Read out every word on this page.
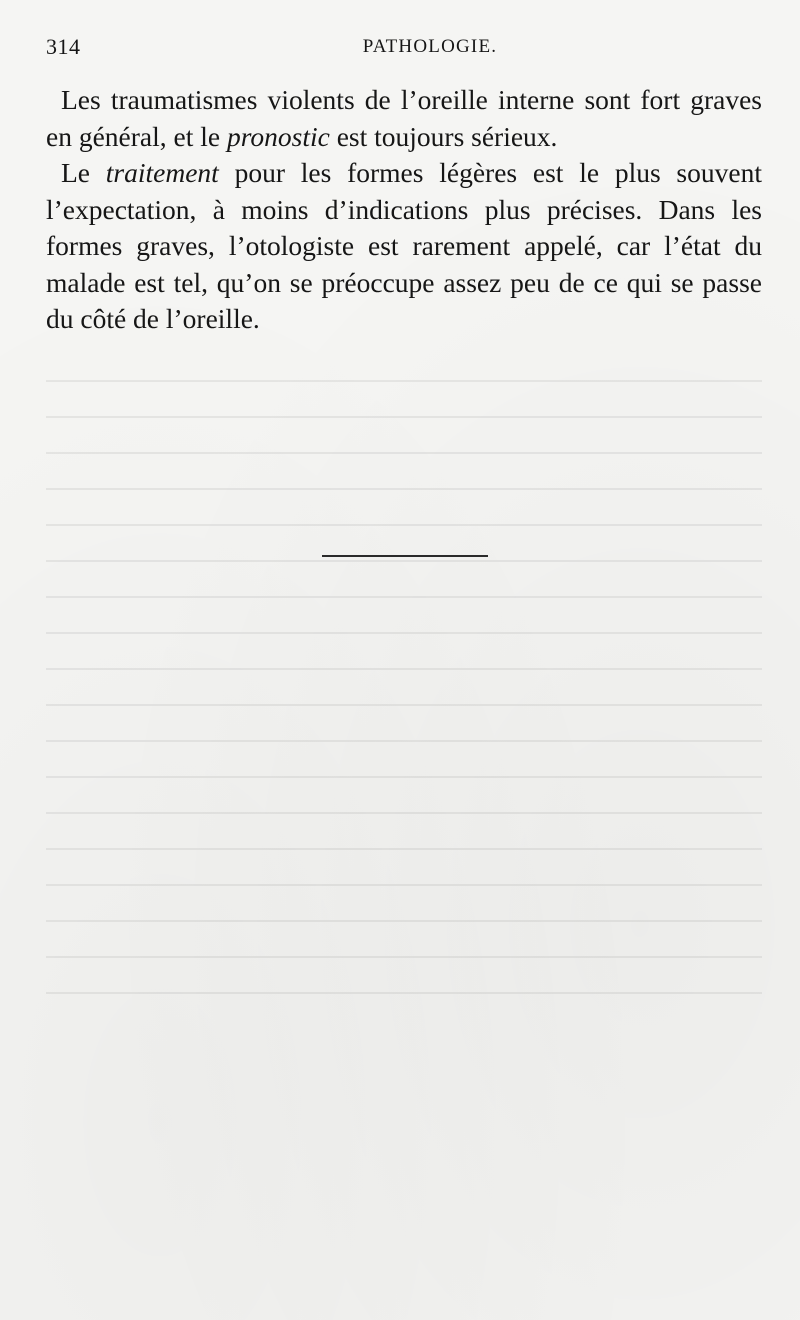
314	PATHOLOGIE.

Les traumatismes violents de l’oreille interne sont fort graves en général, et le pronostic est toujours sérieux.

Le traitement pour les formes légères est le plus souvent l’expectation, à moins d’indications plus précises. Dans les formes graves, l’otologiste est rarement appelé, car l’état du malade est tel, qu’on se préoccupe assez peu de ce qui se passe du côté de l’oreille.
